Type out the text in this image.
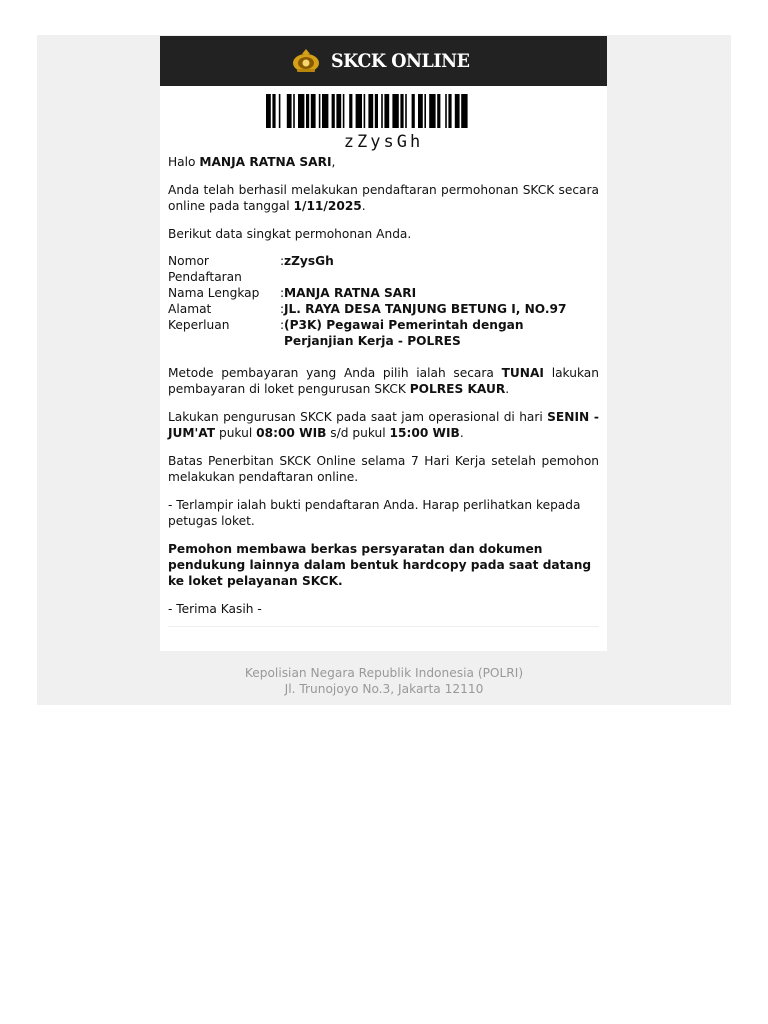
SKCK ONLINE
zZysGh

Halo MANJA RATNA SARI,

Anda telah berhasil melakukan pendaftaran permohonan SKCK secara online pada tanggal 1/11/2025.

Berikut data singkat permohonan Anda.

Nomor Pendaftaran
: zZysGh
Nama Lengkap	: MANJA RATNA SARI
Alamat	: JL. RAYA DESA TANJUNG BETUNG I, NO.97
Keperluan	: (P3K) Pegawai Pemerintah dengan Perjanjian Kerja - POLRES

Metode pembayaran yang Anda pilih ialah secara TUNAI lakukan pembayaran di loket pengurusan SKCK POLRES KAUR.

Lakukan pengurusan SKCK pada saat jam operasional di hari SENIN - JUM'AT pukul 08:00 WIB s/d pukul 15:00 WIB.

Batas Penerbitan SKCK Online selama 7 Hari Kerja setelah pemohon melakukan pendaftaran online.

- Terlampir ialah bukti pendaftaran Anda. Harap perlihatkan kepada petugas loket.

Pemohon membawa berkas persyaratan dan dokumen pendukung lainnya dalam bentuk hardcopy pada saat datang ke loket pelayanan SKCK.

- Terima Kasih -

Kepolisian Negara Republik Indonesia (POLRI)
Jl. Trunojoyo No.3, Jakarta 12110
